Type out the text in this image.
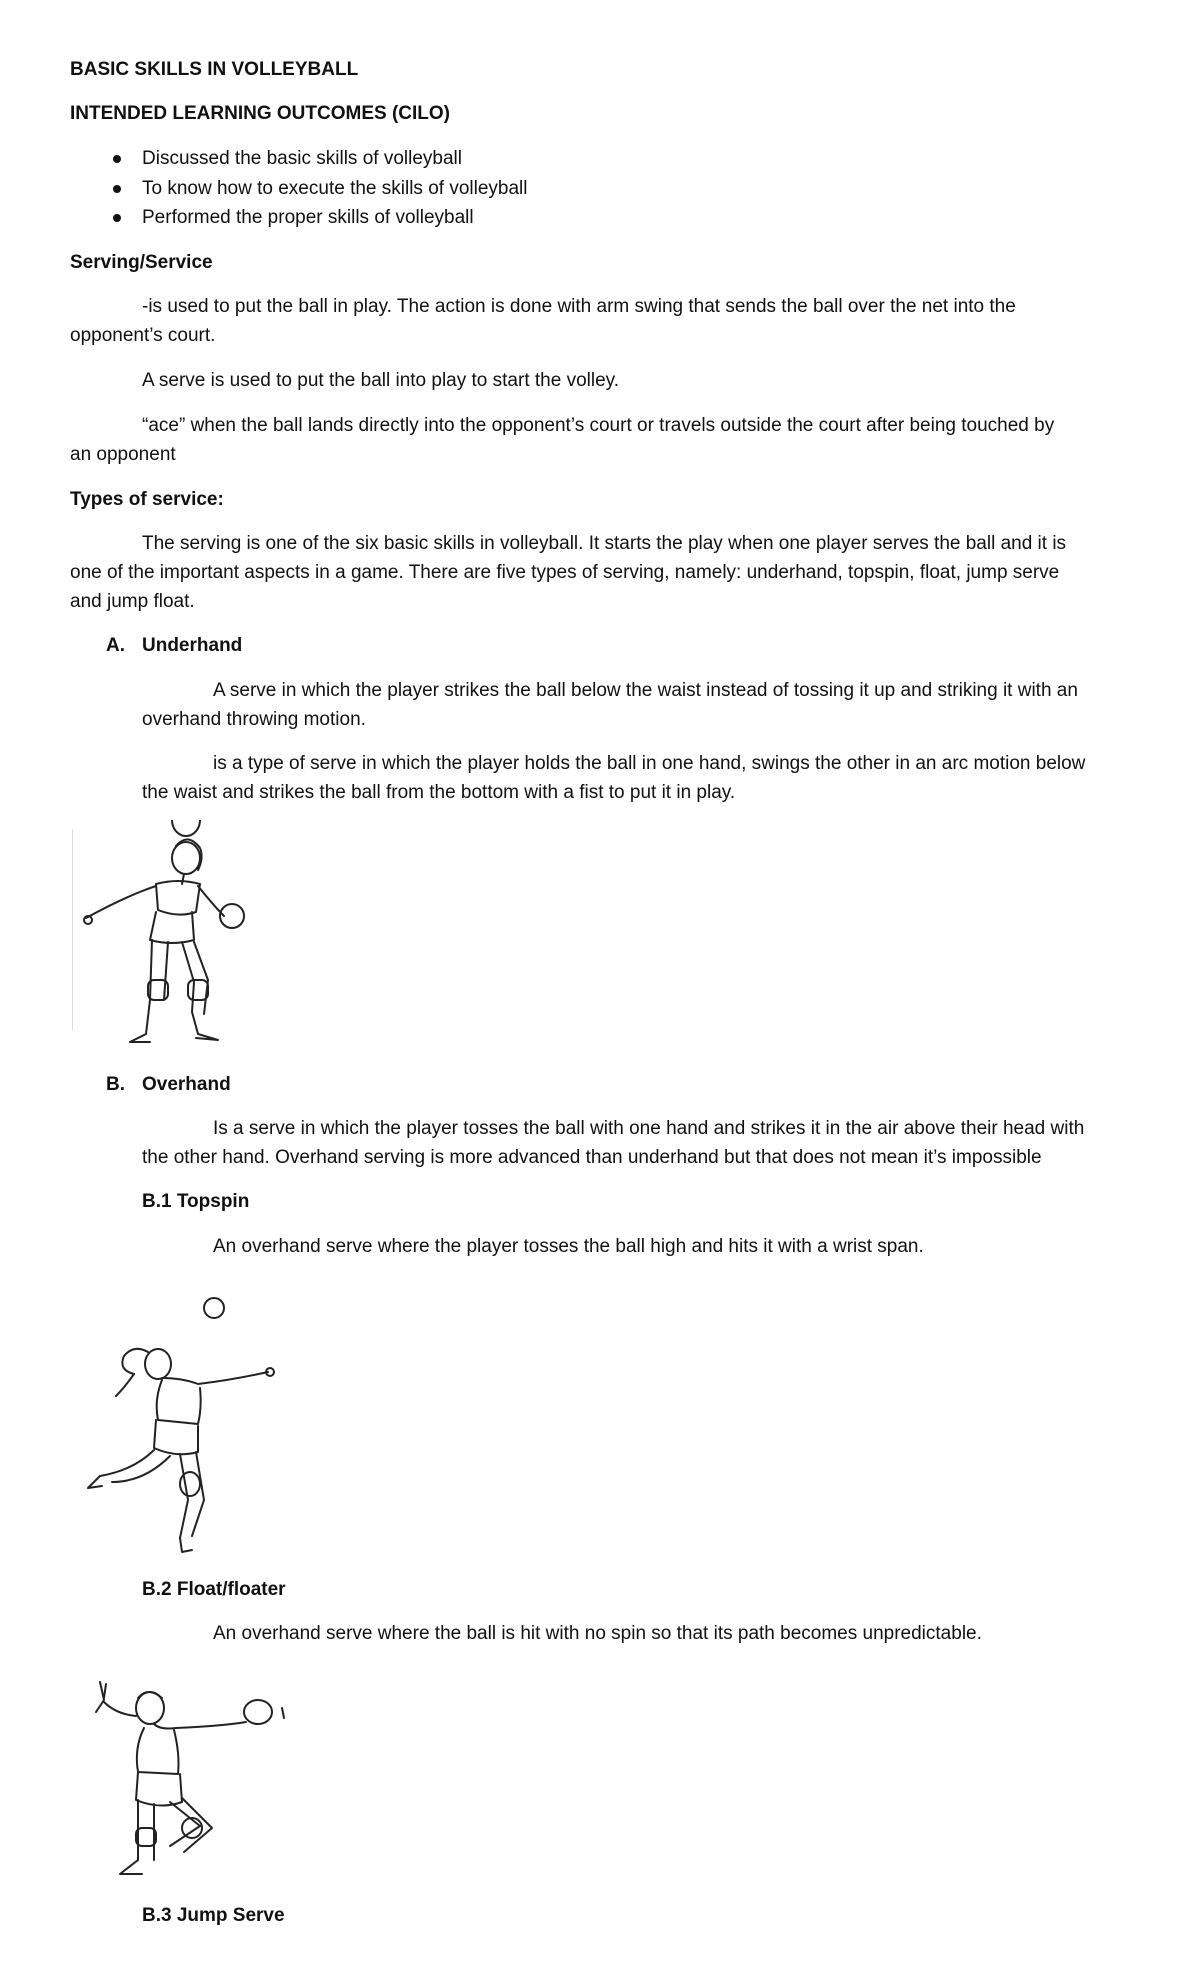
BASIC SKILLS IN VOLLEYBALL
INTENDED LEARNING OUTCOMES (CILO)
Discussed the basic skills of volleyball
To know how to execute the skills of volleyball
Performed the proper skills of volleyball
Serving/Service
-is used to put the ball in play. The action is done with arm swing that sends the ball over the net into the
opponent’s court.
A serve is used to put the ball into play to start the volley.
“ace” when the ball lands directly into the opponent’s court or travels outside the court after being touched by
an opponent
Types of service:
The serving is one of the six basic skills in volleyball. It starts the play when one player serves the ball and it is
one of the important aspects in a game. There are five types of serving, namely: underhand, topspin, float, jump serve
and jump float.
A. Underhand
A serve in which the player strikes the ball below the waist instead of tossing it up and striking it with an
overhand throwing motion.
is a type of serve in which the player holds the ball in one hand, swings the other in an arc motion below
the waist and strikes the ball from the bottom with a fist to put it in play.
B. Overhand
Is a serve in which the player tosses the ball with one hand and strikes it in the air above their head with
the other hand. Overhand serving is more advanced than underhand but that does not mean it’s impossible
B.1 Topspin
An overhand serve where the player tosses the ball high and hits it with a wrist span.
B.2 Float/floater
An overhand serve where the ball is hit with no spin so that its path becomes unpredictable.
B.3 Jump Serve
